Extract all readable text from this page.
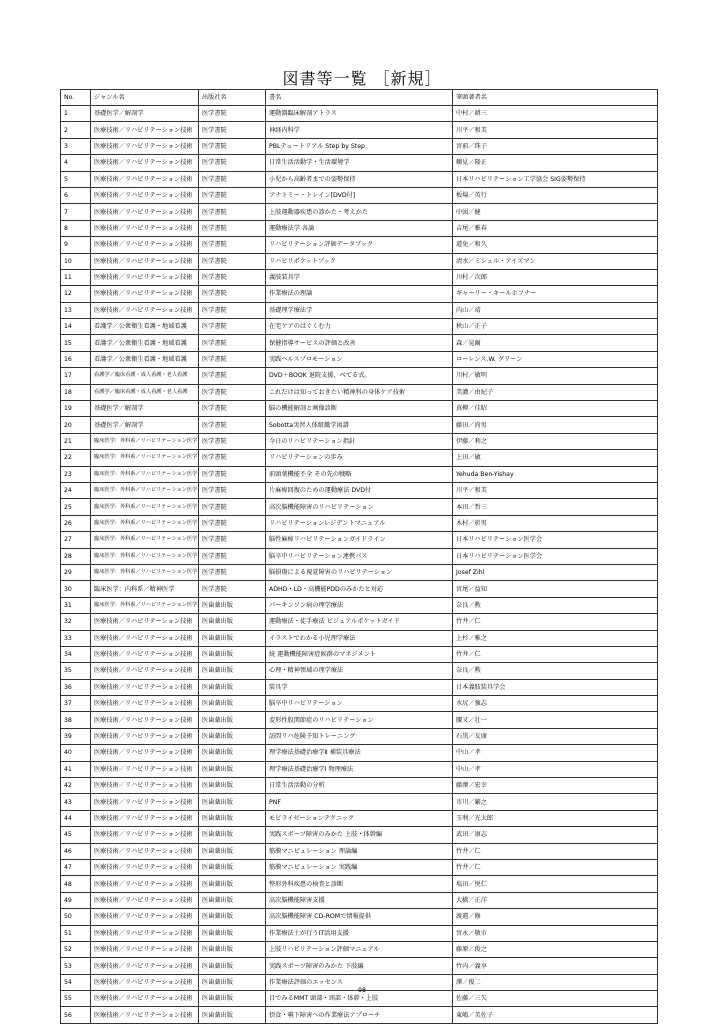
図書等一覧 ［新規］
No.	ジャンル名	出版社名	書名	筆頭著者名
1	基礎医学／解剖学	医学書院	運動器臨床解剖アトラス	中村／耕三
2	医療技術／リハビリテーション技術	医学書院	神経内科学	川平／和美
3	医療技術／リハビリテーション技術	医学書院	PBLテュートリアル Step by Step	宮前／珠子
4	医療技術／リハビリテーション技術	医学書院	日常生活活動学・生活環境学	鶴見／隆正
5	医療技術／リハビリテーション技術	医学書院	小児から高齢者までの姿勢保持	日本リハビリテーション工学協会 SIG姿勢保持
6	医療技術／リハビリテーション技術	医学書院	アナトミー・トレイン[DVD付]	板場／英行
7	医療技術／リハビリテーション技術	医学書院	上肢運動器疾患の診かた・考えかた	中図／健
8	医療技術／リハビリテーション技術	医学書院	運動療法学 各論	吉尾／雅春
9	医療技術／リハビリテーション技術	医学書院	リハビリテーション評価データブック	道免／和久
10	医療技術／リハビリテーション技術	医学書院	リハビリポケットブック	清水／ミシェル・アイズマン
11	医療技術／リハビリテーション技術	医学書院	義肢装具学	川村／次郎
12	医療技術／リハビリテーション技術	医学書院	作業療法の理論	ギャーリー・キールホフナー
13	医療技術／リハビリテーション技術	医学書院	基礎理学療法学	内山／靖
14	看護学／公衆衛生看護・地域看護	医学書院	在宅ケアのはぐくむ力	秋山／正子
15	看護学／公衆衛生看護・地域看護	医学書院	保健指導サービスの評価と改善	森／晃爾
16	看護学／公衆衛生看護・地域看護	医学書院	実践ヘルスプロモーション	ローレンス.W. グリーン
17	看護学／臨床看護・成人看護・老人看護	医学書院	DVD＋BOOK 退院支援、べてる式。	川村／敏明
18	看護学／臨床看護・成人看護・老人看護	医学書院	これだけは知っておきたい精神科の身体ケア技術	美濃／由紀子
19	基礎医学／解剖学	医学書院	脳の機能解剖と画像診断	真柳／佳昭
20	基礎医学／解剖学	医学書院	Sobotta実習人体組織学図譜	藤田／尚男
21	臨床医学：外科系／リハビリテーション医学	医学書院	今日のリハビリテーション指針	伊藤／利之
22	臨床医学：外科系／リハビリテーション医学	医学書院	リハビリテーションの歩み	上田／敏
23	臨床医学：外科系／リハビリテーション医学	医学書院	前頭葉機能不全 その先の戦略	Yehuda Ben-Yishay
24	臨床医学：外科系／リハビリテーション医学	医学書院	片麻痺回復のための運動療法 DVD付	川平／和美
25	臨床医学：外科系／リハビリテーション医学	医学書院	高次脳機能障害のリハビリテーション	本田／哲三
26	臨床医学：外科系／リハビリテーション医学	医学書院	リハビリテーションレジデントマニュアル	木村／彰男
27	臨床医学：外科系／リハビリテーション医学	医学書院	脳性麻痺リハビリテーションガイドライン	日本リハビリテーション医学会
28	臨床医学：外科系／リハビリテーション医学	医学書院	脳卒中リハビリテーション連携パス	日本リハビリテーション医学会
29	臨床医学：外科系／リハビリテーション医学	医学書院	脳損傷による視覚障害のリハビリテーション	Josef Zihl
30	臨床医学：内科系／精神医学	医学書院	ADHD・LD・高機能PDDのみかたと対応	宮尾／益知
31	臨床医学：外科系／リハビリテーション医学	医歯薬出版	パーキンソン病の理学療法	奈良／勲
32	医療技術／リハビリテーション技術	医歯薬出版	運動療法・徒手療法 ビジュアルポケットガイド	竹井／仁
33	医療技術／リハビリテーション技術	医歯薬出版	イラストでわかる小児理学療法	上杉／雅之
34	医療技術／リハビリテーション技術	医歯薬出版	続 運動機能障害症候群のマネジメント	竹井／仁
35	医療技術／リハビリテーション技術	医歯薬出版	心理・精神領域の理学療法	奈良／勲
36	医療技術／リハビリテーション技術	医歯薬出版	装具学	日本義肢装具学会
37	医療技術／リハビリテーション技術	医歯薬出版	脳卒中リハビリテーション	水尻／強志
38	医療技術／リハビリテーション技術	医歯薬出版	変形性股関節症のリハビリテーション	腰又／壮一
39	医療技術／リハビリテーション技術	医歯薬出版	訪問リハ危険予知トレーニング	石黒／友康
40	医療技術／リハビリテーション技術	医歯薬出版	理学療法基礎治療学Ⅱ 補装具療法	中山／孝
41	医療技術／リハビリテーション技術	医歯薬出版	理学療法基礎治療学Ⅰ 物理療法	中山／孝
42	医療技術／リハビリテーション技術	医歯薬出版	日常生活活動の分析	藤澤／宏幸
43	医療技術／リハビリテーション技術	医歯薬出版	PNF	市川／繁之
44	医療技術／リハビリテーション技術	医歯薬出版	モビライゼーションテクニック	玉利／光太郎
45	医療技術／リハビリテーション技術	医歯薬出版	実践スポーツ障害のみかた 上肢・体幹編	武田／康志
46	医療技術／リハビリテーション技術	医歯薬出版	筋膜マニピュレーション 理論編	竹井／仁
47	医療技術／リハビリテーション技術	医歯薬出版	筋膜マニピュレーション 実践編	竹井／仁
48	医療技術／リハビリテーション技術	医歯薬出版	整形外科疾患の検査と診断	塩田／悦仁
49	医療技術／リハビリテーション技術	医歯薬出版	高次脳機能障害支援	大橋／正洋
50	医療技術／リハビリテーション技術	医歯薬出版	高次脳機能障害 CD-ROMで情報提供	渡邉／修
51	医療技術／リハビリテーション技術	医歯薬出版	作業療法士が行うIT活用支援	宮永／敬市
52	医療技術／リハビリテーション技術	医歯薬出版	上肢リハビリテーション評価マニュアル	藤原／俊之
53	医療技術／リハビリテーション技術	医歯薬出版	実践スポーツ障害のみかた 下肢編	竹内／義享
54	医療技術／リハビリテーション技術	医歯薬出版	作業療法評価のエッセンス	澤／俊二
55	医療技術／リハビリテーション技術	医歯薬出版	目でみるMMT 頭部・頸部・体幹・上肢	佐藤／三矢
56	医療技術／リハビリテーション技術	医歯薬出版	摂食・嚥下障害への作業療法アプローチ	東嶋／美佐子
98
